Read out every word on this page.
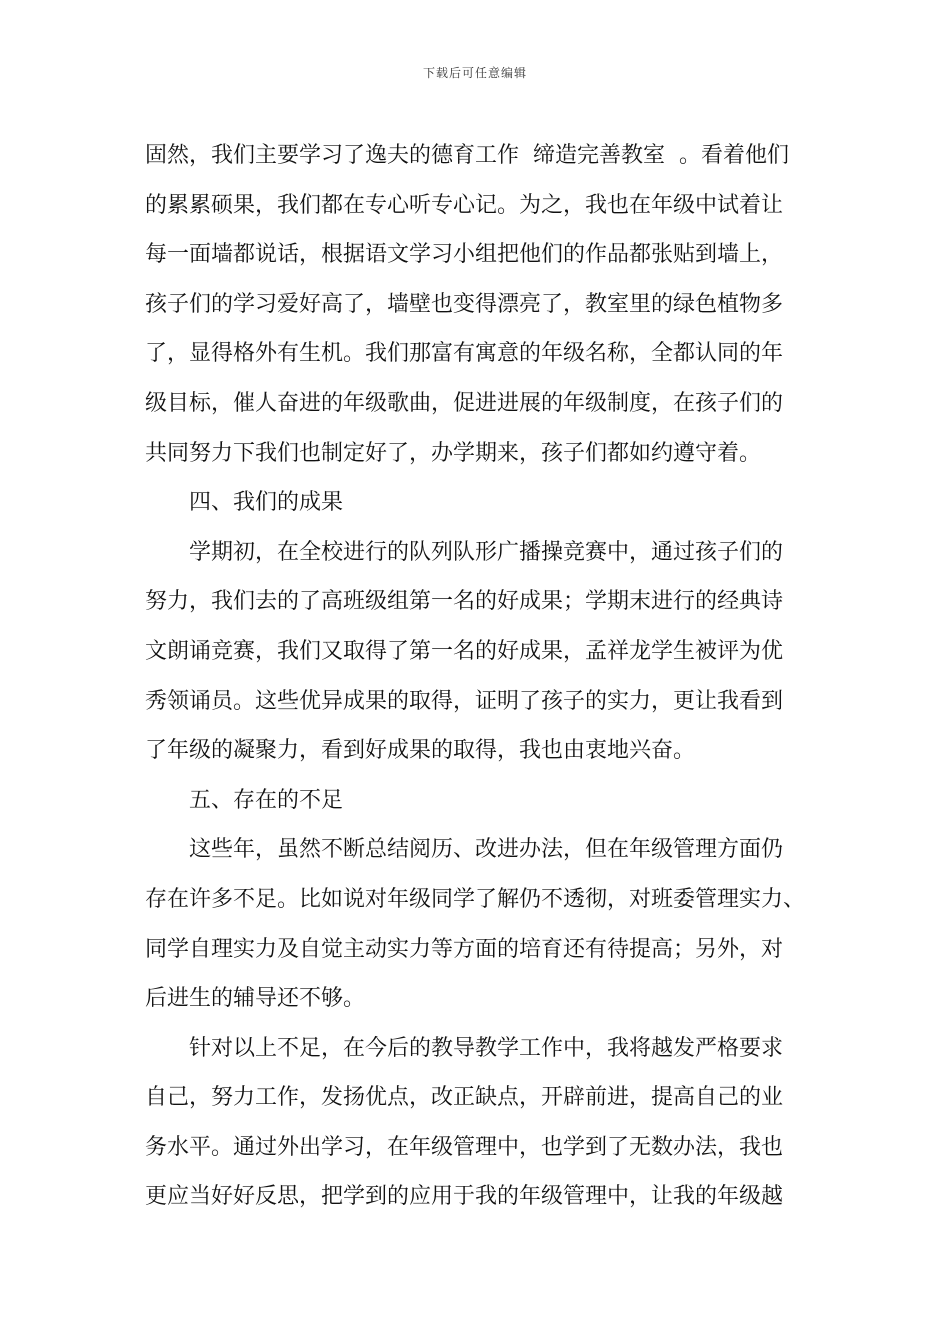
下载后可任意编辑
固然，我们主要学习了逸夫的德育工作  缔造完善教室  。看着他们
的累累硕果，我们都在专心听专心记。为之，我也在年级中试着让
每一面墙都说话，根据语文学习小组把他们的作品都张贴到墙上，
孩子们的学习爱好高了，墙壁也变得漂亮了，教室里的绿色植物多
了，显得格外有生机。我们那富有寓意的年级名称，全都认同的年
级目标，催人奋进的年级歌曲，促进进展的年级制度，在孩子们的
共同努力下我们也制定好了，办学期来，孩子们都如约遵守着。
四、我们的成果
学期初，在全校进行的队列队形广播操竞赛中，通过孩子们的
努力，我们去的了高班级组第一名的好成果；学期末进行的经典诗
文朗诵竞赛，我们又取得了第一名的好成果，孟祥龙学生被评为优
秀领诵员。这些优异成果的取得，证明了孩子的实力，更让我看到
了年级的凝聚力，看到好成果的取得，我也由衷地兴奋。
五、存在的不足
这些年，虽然不断总结阅历、改进办法，但在年级管理方面仍
存在许多不足。比如说对年级同学了解仍不透彻，对班委管理实力、
同学自理实力及自觉主动实力等方面的培育还有待提高；另外，对
后进生的辅导还不够。
针对以上不足，在今后的教导教学工作中，我将越发严格要求
自己，努力工作，发扬优点，改正缺点，开辟前进，提高自己的业
务水平。通过外出学习，在年级管理中，也学到了无数办法，我也
更应当好好反思，把学到的应用于我的年级管理中，让我的年级越
